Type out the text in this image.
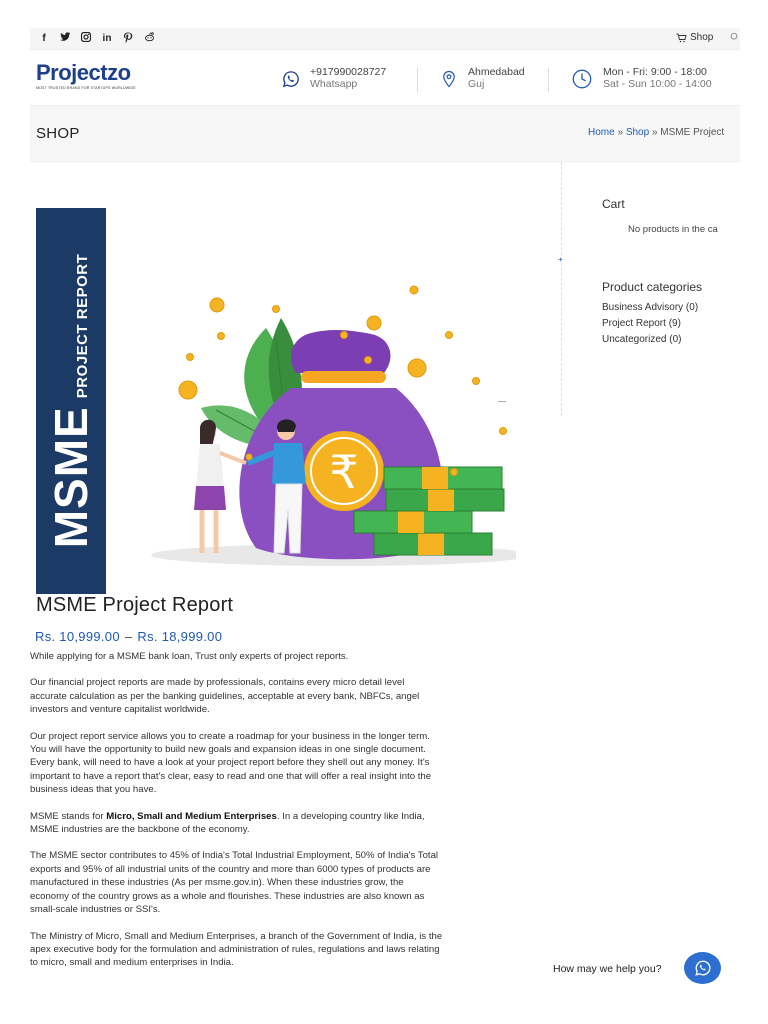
f	in	Shop
Projectzo
MOST TRUSTED BRAND FOR STARTUPS WORLDWIDE
+917990028727
Whatsapp
Ahmedabad
Guj
Mon - Fri: 9:00 - 18:00
Sat - Sun 10:00 - 14:00
SHOP	Home » Shop » MSME Project
MSME
PROJECT REPORT
₹
+
Cart
No products in the ca
Product categories
Business Advisory (0)
Project Report (9)
Uncategorized (0)
MSME Project Report
Rs. 10,999.00 – Rs. 18,999.00

While applying for a MSME bank loan, Trust only experts of project reports.

Our financial project reports are made by professionals, contains every micro detail level
accurate calculation as per the banking guidelines, acceptable at every bank, NBFCs, angel
investors and venture capitalist worldwide.

Our project report service allows you to create a roadmap for your business in the longer term.
You will have the opportunity to build new goals and expansion ideas in one single document.
Every bank, will need to have a look at your project report before they shell out any money. It's
important to have a report that's clear, easy to read and one that will offer a real insight into the
business ideas that you have.

MSME stands for Micro, Small and Medium Enterprises. In a developing country like India,
MSME industries are the backbone of the economy.

The MSME sector contributes to 45% of India's Total Industrial Employment, 50% of India's Total
exports and 95% of all industrial units of the country and more than 6000 types of products are
manufactured in these industries (As per msme.gov.in). When these industries grow, the
economy of the country grows as a whole and flourishes. These industries are also known as
small-scale industries or SSI's.

The Ministry of Micro, Small and Medium Enterprises, a branch of the Government of India, is the
apex executive body for the formulation and administration of rules, regulations and laws relating
to micro, small and medium enterprises in India.

How may we help you?
